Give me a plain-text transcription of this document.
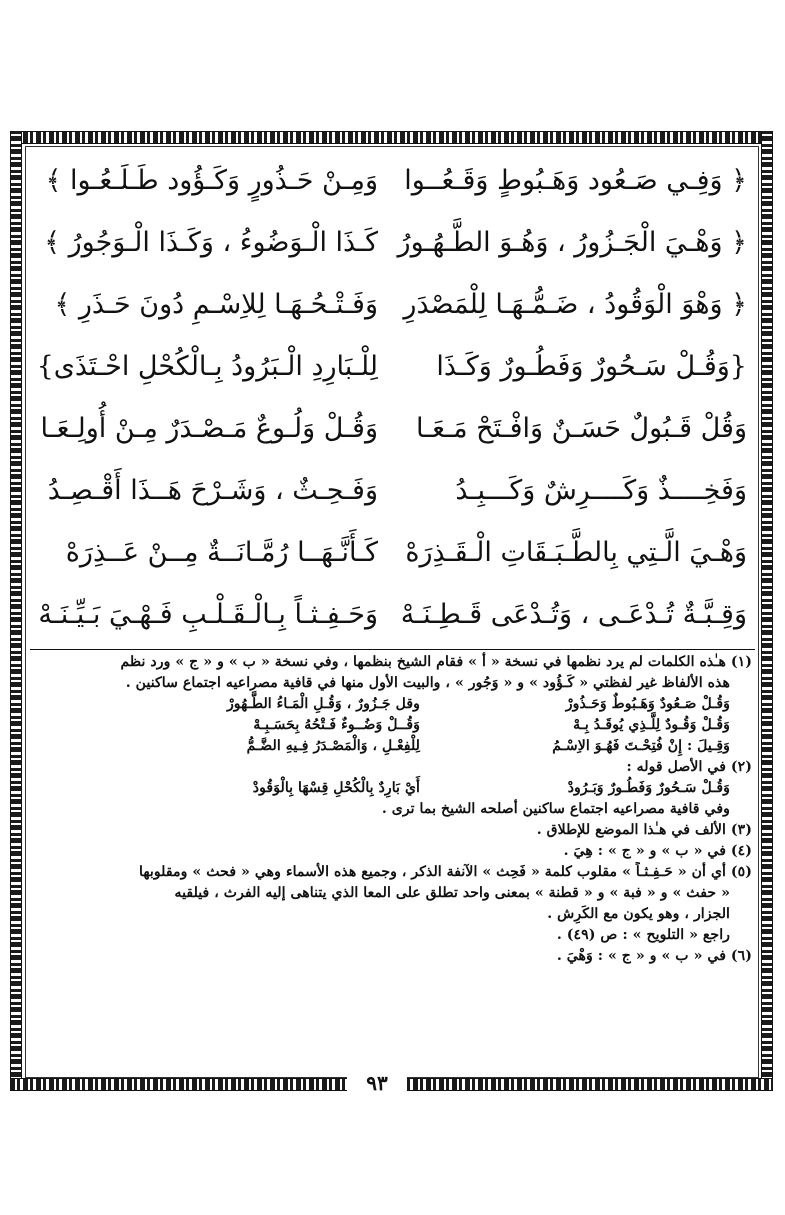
﴿ وَفِـي صَـعُود وَهَـبُوطٍ وَقَـعُــوا
وَمِـنْ حَـذُورٍ وَكَـؤُود طَـلَـعُـوا ﴾
﴿ وَهْـيَ الْجَـزُورُ ، وَهُـوَ الطَّـهُـورُ
كَـذَا الْـوَضُوءُ ، وَكَـذَا الْـوَجُورُ ﴾
﴿ وَهْوَ الْوَقُودُ ، ضَـمُّـهَـا لِلْمَصْدَرِ
وَفَـتْـحُـهَـا لِلاِسْـمِ دُونَ حَـذَرِ ﴾
{وَقُـلْ سَـحُورٌ وَفَطُـورٌ وَكَـذَا
لِلْـبَارِدِ الْـبَرُودُ بِـالْكُحْلِ احْـتَذَى}
وَقُلْ قَـبُولٌ حَسَـنٌ وَافْـتَحْ مَـعَـا
وَقُـلْ وَلُـوعٌ مَـصْـدَرٌ مِـنْ أُولِـعَـا
وَفَخِــــذٌ وَكَــــرِشٌ وَكَـــبِـدُ
وَفَـحِـثٌ ، وَشَـرْحَ هَــذَا أَقْـصِـدُ
وَهْـيَ الَّـتِي بِالطَّـبَـقَاتِ الْـقَـذِرَهْ
كَـأَنَّـهَــا رُمَّـانَــةٌ مِــنْ عَــذِرَهْ
وَقِـبَّـةٌ تُـدْعَـى ، وَتُـدْعَى قَـطِـنَـهْ
وَحَـفِـثـاً بِـالْـقَـلْـبِ فَـهْـيَ بَـيِّـنَـهْ
(١) هـٰذه الكلمات لم يرد نظمها في نسخة « أ » فقام الشيخ بنظمها ، وفي نسخة « ب » و « ج » ورد نظم
هذه الألفاظ غير لفظتي « كَـؤُود » و « وَجُور » ، والبيت الأول منها في قافية مصراعيه اجتماع ساكنين .
وَقُـلْ صَـعُودٌ وَهَـبُوطٌ وَحَـذُورْ
وقل جَـزُورٌ ، وَقُـلِ الْمَـاءُ الطَّـهُورْ
وَقُـلْ وَقُـودٌ لِلَّـذِي يُوقَـدُ بِـهْ
وَقُــلْ وَضُــوءٌ فَـتْحُهُ بِحَسَـبِـهْ
وَقِـيلَ : إِنْ فُتِحْـتَ فَهُـوَ الاِسْـمُ
لِلْفِعْـلِ ، وَالْمَصْـدَرُ فِـيهِ الضَّـمُّ
(٢) في الأصل قوله :
وَقُـلْ سَـحُورٌ وَفَطُـورٌ وَبَـرُودْ
أَيْ بَارِدٌ بِالْكُحْلِ قِسْهَا بِالْوَقُودْ
وفي قافية مصراعيه اجتماع ساكنين أصلحه الشيخ بما ترى .
(٣) الألف في هـٰذا الموضع للإطلاق .
(٤) في « ب » و « ج » : هِيَ .
(٥) أي أن « حَـفِـثـاً » مقلوب كلمة « فَحِث » الآنفة الذكر ، وجميع هذه الأسماء وهي « فحث » ومقلوبها
« حفث » و « فبة » و « قطنة » بمعنى واحد تطلق على المعا الذي يتناهى إليه الفرث ، فيلقيه
الجزار ، وهو يكون مع الكَرِش .
راجع « التلويح » : ص (٤٩) .
(٦) في « ب » و « ج » : وَهْيَ .
٩٣
